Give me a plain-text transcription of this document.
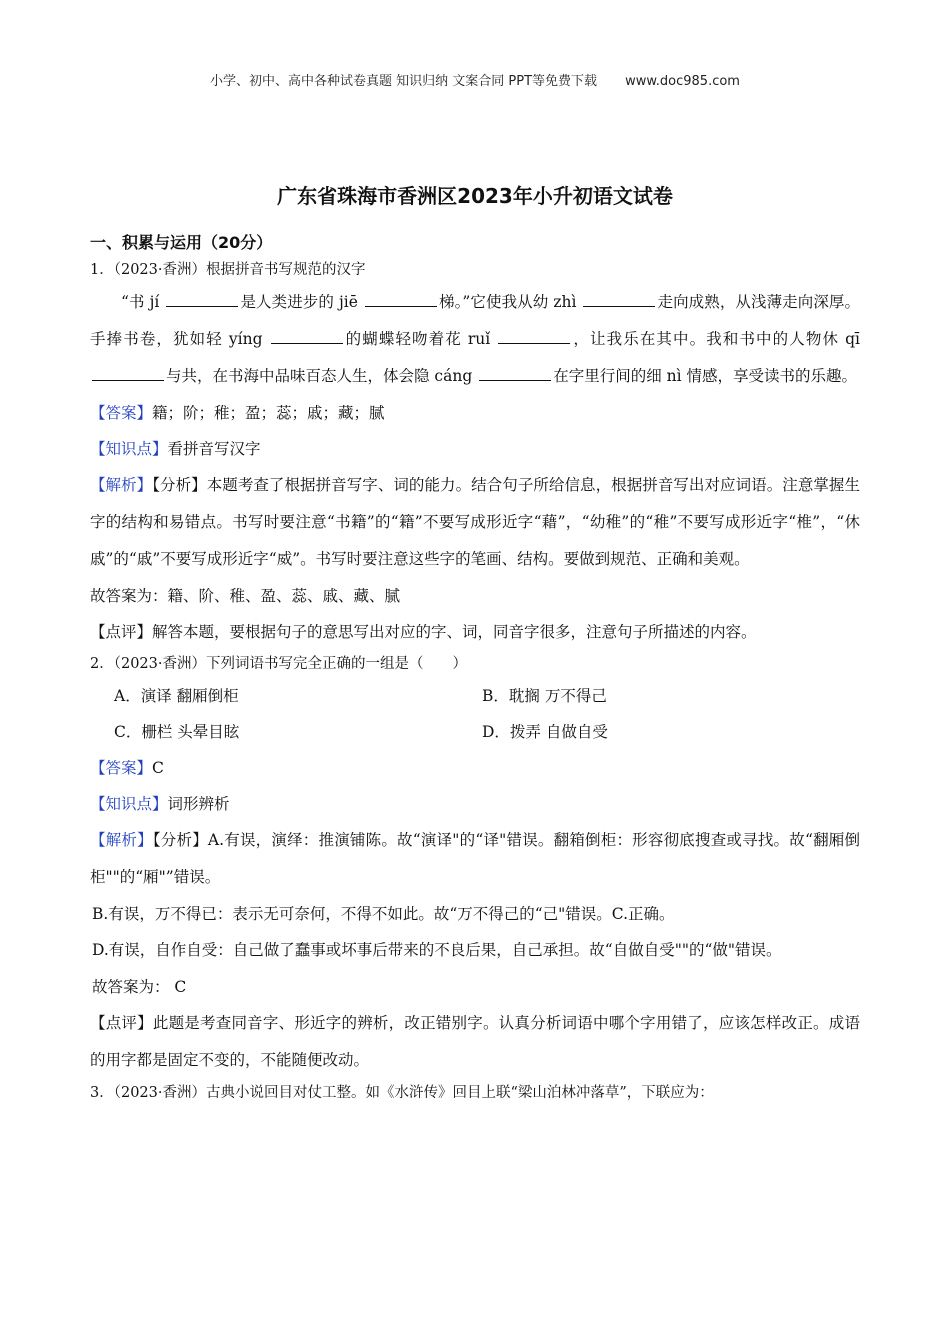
小学、初中、高中各种试卷真题 知识归纳 文案合同 PPT等免费下载 www.doc985.com
广东省珠海市香洲区2023年小升初语文试卷
一、积累与运用（20分）
1．（2023·香洲）根据拼音书写规范的汉字
“书 jí	是人类进步的 jiē	梯。”它使我从幼 zhì	走向成熟，从浅薄走向深厚。手捧书卷，犹如轻 yíng	的蝴蝶轻吻着花 ruǐ	，让我乐在其中。我和书中的人物休 qī 与共，在书海中品味百态人生，体会隐 cáng	在字里行间的细 nì 情感，享受读书的乐趣。
【答案】籍；阶；稚；盈；蕊；戚；藏；腻
【知识点】看拼音写汉字
【解析】【分析】本题考查了根据拼音写字、词的能力。结合句子所给信息，根据拼音写出对应词语。注意掌握生字的结构和易错点。书写时要注意“书籍”的“籍”不要写成形近字“藉”，“幼稚”的“稚”不要写成形近字“椎”，“休戚”的“戚”不要写成形近字“威”。书写时要注意这些字的笔画、结构。要做到规范、正确和美观。
故答案为：籍、阶、稚、盈、蕊、戚、藏、腻
【点评】解答本题，要根据句子的意思写出对应的字、词，同音字很多，注意句子所描述的内容。
2．（2023·香洲）下列词语书写完全正确的一组是（　　）
A．演译 翻厢倒柜	B．耽搁 万不得己
C．栅栏 头晕目眩	D．拨弄 自做自受
【答案】C
【知识点】词形辨析
【解析】【分析】A.有误，演绎：推演铺陈。故“演译"的“译"错误。翻箱倒柜：形容彻底搜查或寻找。故“翻厢倒柜""的“厢"”错误。
B.有误，万不得已：表示无可奈何，不得不如此。故“万不得己的“己"错误。C.正确。
D.有误，自作自受：自己做了蠢事或坏事后带来的不良后果，自己承担。故“自做自受""的“做"错误。
故答案为： C
【点评】此题是考查同音字、形近字的辨析，改正错别字。认真分析词语中哪个字用错了，应该怎样改正。成语的用字都是固定不变的，不能随便改动。
3．（2023·香洲）古典小说回目对仗工整。如《水浒传》回目上联“梁山泊林冲落草”，下联应为：
